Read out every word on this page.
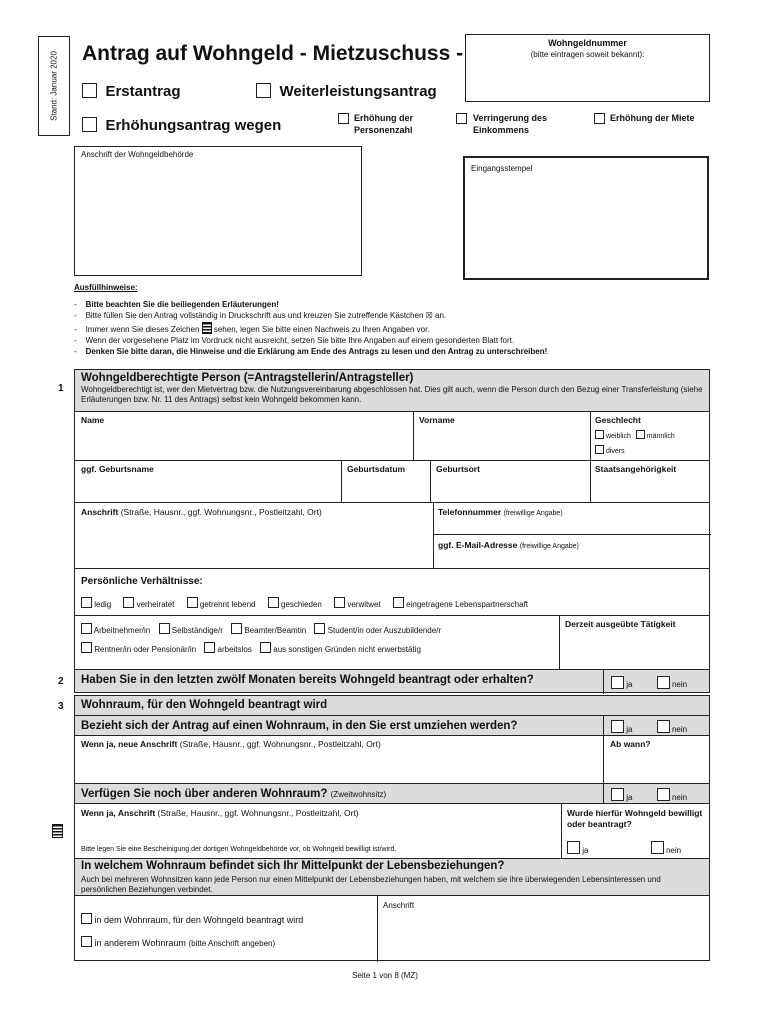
Stand: Januar 2020 Antrag auf Wohngeld - Mietzuschuss -	Wohngeldnummer
(bitte eintragen soweit bekannt):
Erstantrag	Weiterleistungsantrag
Erhöhungsantrag wegen	Erhöhung der Personenzahl
Verringerung des Einkommens
Erhöhung der Miete
Anschrift der Wohngeldbehörde
Eingangsstempel
Ausfüllhinweise:
-    Bitte beachten Sie die beiliegenden Erläuterungen!
-    Bitte füllen Sie den Antrag vollständig in Druckschrift aus und kreuzen Sie zutreffende Kästchen ☒ an.
-    Immer wenn Sie dieses Zeichen sehen, legen Sie bitte einen Nachweis zu Ihren Angaben vor.
-    Wenn der vorgesehene Platz im Vordruck nicht ausreicht, setzen Sie bitte Ihre Angaben auf einem gesonderten Blatt fort.
-    Denken Sie bitte daran, die Hinweise und die Erklärung am Ende des Antrags zu lesen und den Antrag zu unterschreiben!
1
Wohngeldberechtigte Person (=Antragstellerin/Antragsteller)
Wohngeldberechtigt ist, wer den Mietvertrag bzw. die Nutzungsvereinbarung abgeschlossen hat. Dies gilt auch, wenn die Person durch den Bezug einer Transferleistung (siehe Erläuterungen bzw. Nr. 11 des Antrags) selbst kein Wohngeld bekommen kann.
Name	Vorname	Geschlecht
weiblich männlich
divers
ggf. Geburtsname	Geburtsdatum	Geburtsort	Staatsangehörigkeit
Anschrift (Straße, Hausnr., ggf. Wohnungsnr., Postleitzahl, Ort)	Telefonnummer (freiwillige Angabe)
ggf. E-Mail-Adresse (freiwillige Angabe)
Persönliche Verhältnisse:
ledig	verheiratet	getrennt lebend	geschieden	verwitwet	eingetragene Lebenspartnerschaft
Derzeit ausgeübte Tätigkeit
Arbeitnehmer/in	Selbständige/r	Beamter/Beamtin	Student/in oder Auszubildende/r
Rentner/in oder Pensionär/in	arbeitslos	aus sonstigen Gründen nicht erwerbstätig
2 Haben Sie in den letzten zwölf Monaten bereits Wohngeld beantragt oder erhalten?	ja	nein
3 Wohnraum, für den Wohngeld beantragt wird
Bezieht sich der Antrag auf einen Wohnraum, in den Sie erst umziehen werden?	ja	nein
Wenn ja, neue Anschrift (Straße, Hausnr., ggf. Wohnungsnr., Postleitzahl, Ort)	Ab wann?
Verfügen Sie noch über anderen Wohnraum? (Zweitwohnsitz)	ja	nein
Wenn ja, Anschrift (Straße, Hausnr., ggf. Wohnungsnr., Postleitzahl, Ort)	Wurde hierfür Wohngeld bewilligt oder beantragt?
Bitte legen Sie eine Bescheinigung der dortigen Wohngeldbehörde vor, ob Wohngeld bewilligt ist/wird.	ja	nein
In welchem Wohnraum befindet sich Ihr Mittelpunkt der Lebensbeziehungen?
Auch bei mehreren Wohnsitzen kann jede Person nur einen Mittelpunkt der Lebensbeziehungen haben, mit welchem sie ihre überwiegenden Lebensinteressen und persönlichen Beziehungen verbindet.
in dem Wohnraum, für den Wohngeld beantragt wird
in anderem Wohnraum (bitte Anschrift angeben)
Anschrift
Seite 1 von 8 (MZ)
